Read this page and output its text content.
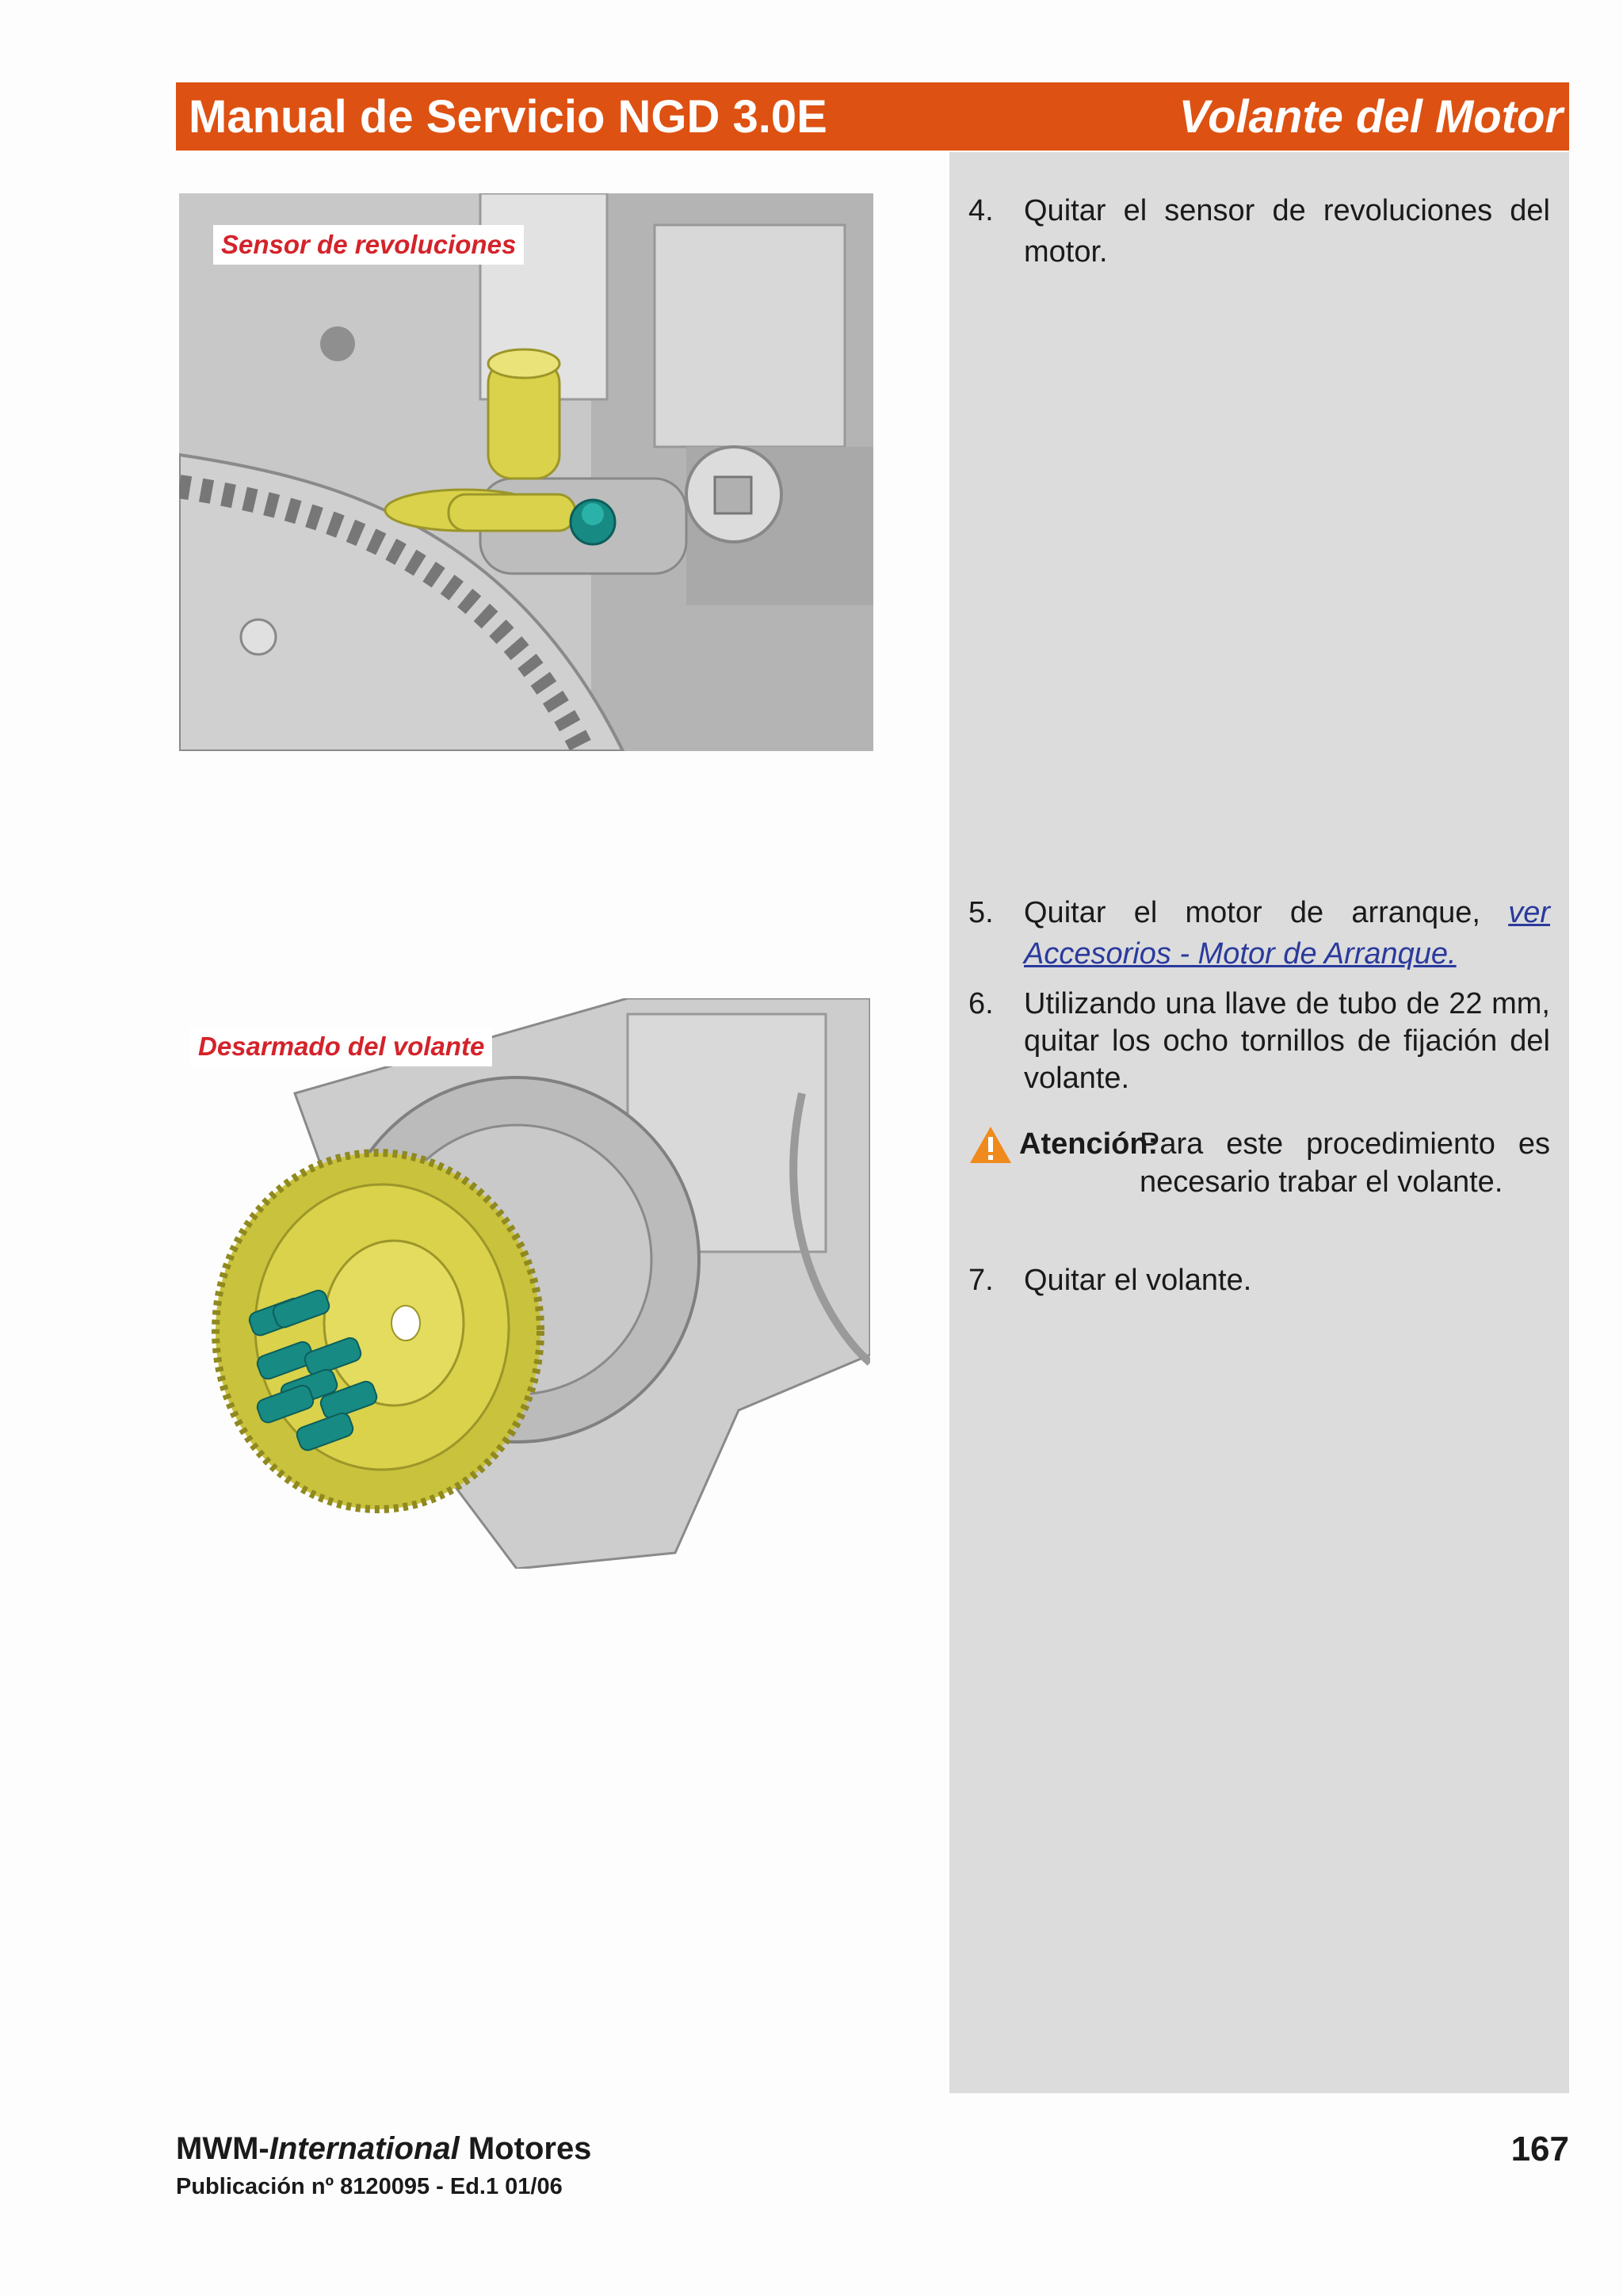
Manual de Servicio NGD 3.0E	Volante del Motor
Sensor de revoluciones
Desarmado del volante
4.	Quitar el sensor de revoluciones del motor.
5.	Quitar el motor de arranque, ver Accesorios - Motor de Arranque.
6.	Utilizando una llave de tubo de 22 mm, quitar los ocho tornillos de fijación del volante.
Atención:
Para este procedimiento es necesario trabar el volante.
7.	Quitar el volante.
MWM-International Motores
Publicación nº 8120095 - Ed.1 01/06
167
